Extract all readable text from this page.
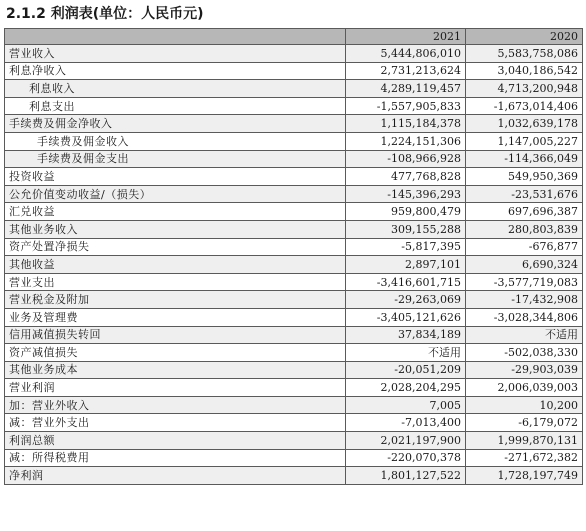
2.1.2 利润表(单位：人民币元)
	2021	2020
营业收入	5,444,806,010	5,583,758,086
利息净收入	2,731,213,624	3,040,186,542
利息收入	4,289,119,457	4,713,200,948
利息支出	-1,557,905,833	-1,673,014,406
手续费及佣金净收入	1,115,184,378	1,032,639,178
手续费及佣金收入	1,224,151,306	1,147,005,227
手续费及佣金支出	-108,966,928	-114,366,049
投资收益	477,768,828	549,950,369
公允价值变动收益/（损失）	-145,396,293	-23,531,676
汇兑收益	959,800,479	697,696,387
其他业务收入	309,155,288	280,803,839
资产处置净损失	-5,817,395	-676,877
其他收益	2,897,101	6,690,324
营业支出	-3,416,601,715	-3,577,719,083
营业税金及附加	-29,263,069	-17,432,908
业务及管理费	-3,405,121,626	-3,028,344,806
信用减值损失转回	37,834,189	不适用
资产减值损失	不适用	-502,038,330
其他业务成本	-20,051,209	-29,903,039
营业利润	2,028,204,295	2,006,039,003
加：营业外收入	7,005	10,200
减：营业外支出	-7,013,400	-6,179,072
利润总额	2,021,197,900	1,999,870,131
减：所得税费用	-220,070,378	-271,672,382
净利润	1,801,127,522	1,728,197,749
